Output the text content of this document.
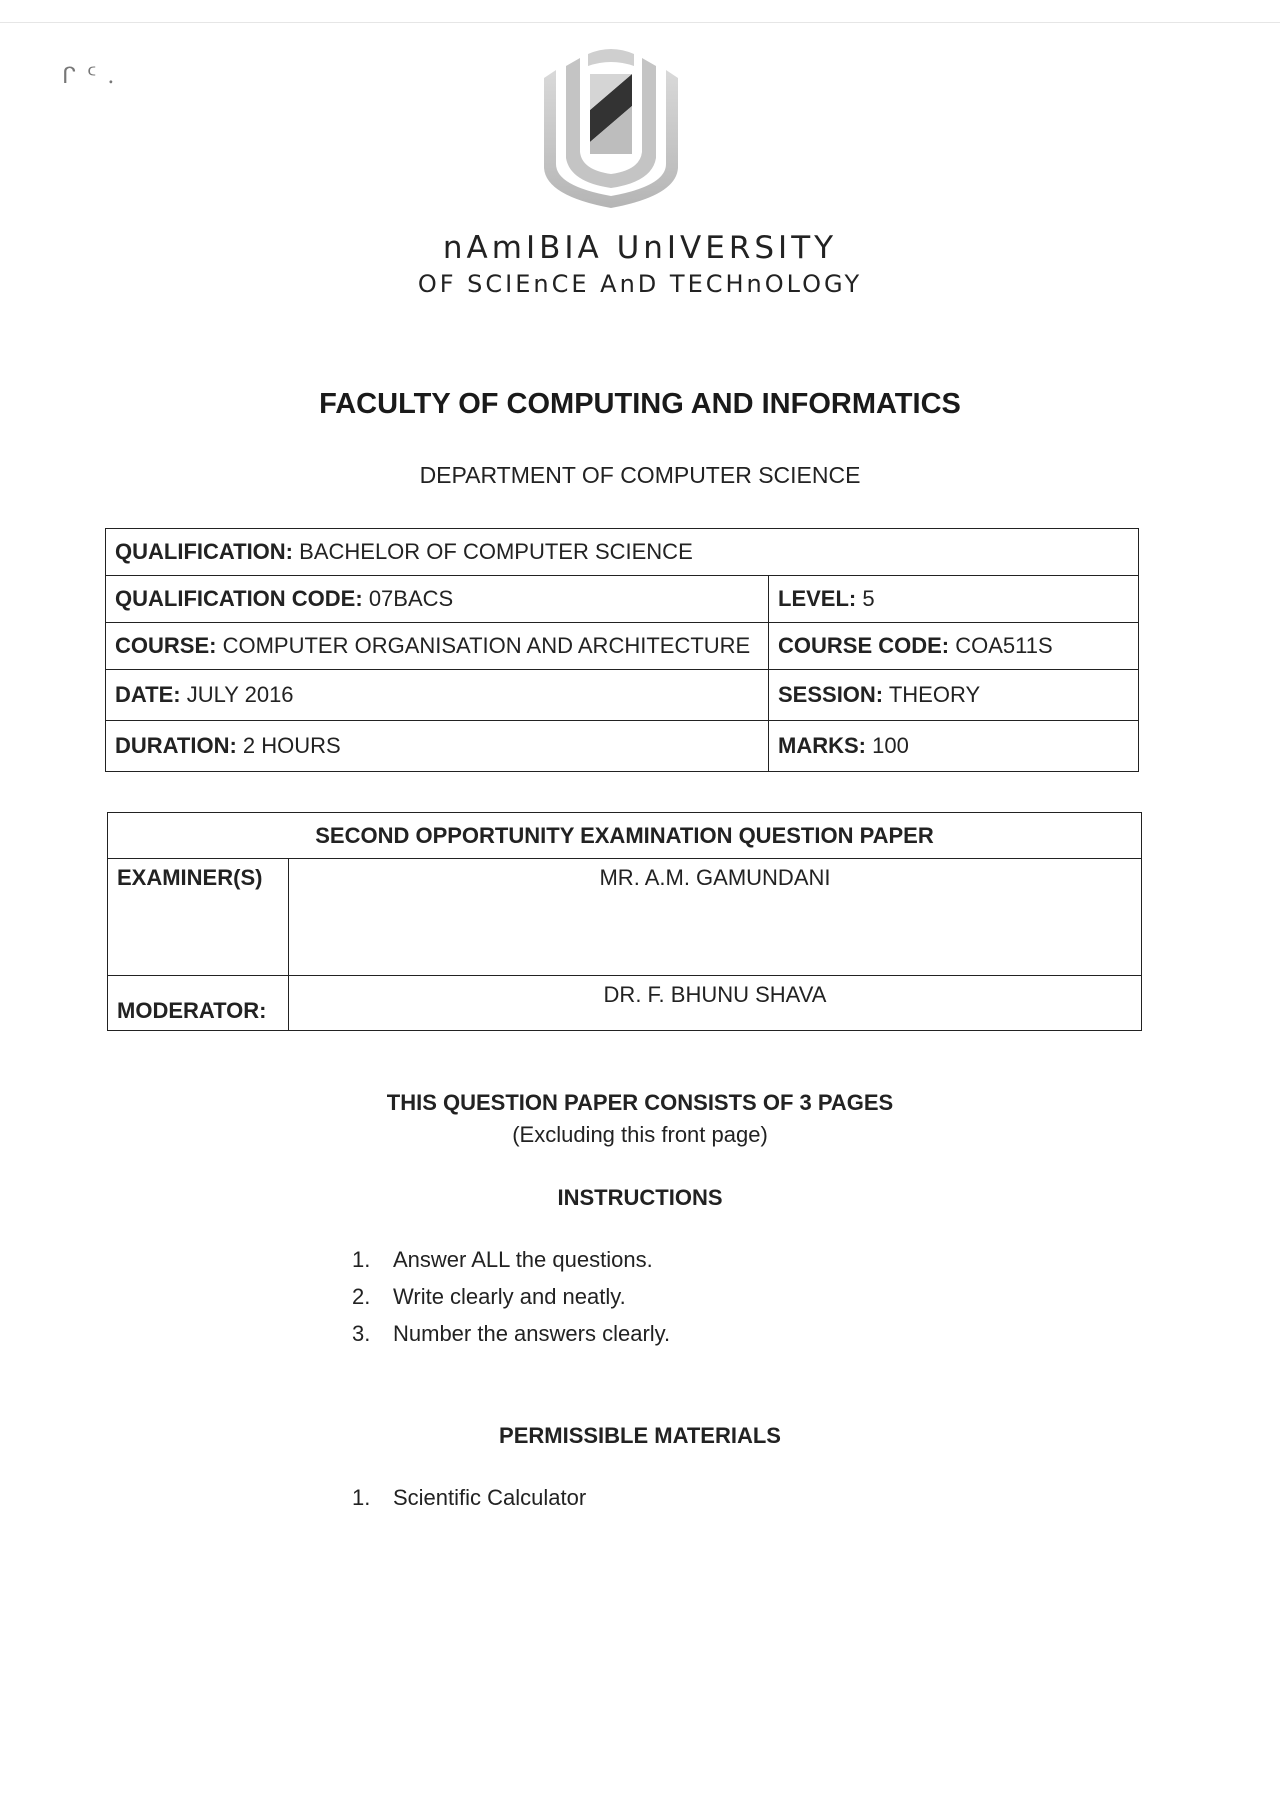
ᒋ ᑦ .
nAmIBIA UnIVERSITY
OF SCIEnCE AnD TECHnOLOGY
FACULTY OF COMPUTING AND INFORMATICS
DEPARTMENT OF COMPUTER SCIENCE
QUALIFICATION: BACHELOR OF COMPUTER SCIENCE	
QUALIFICATION CODE: 07BACS	LEVEL: 5
COURSE: COMPUTER ORGANISATION AND ARCHITECTURE	COURSE CODE: COA511S
DATE: JULY 2016	SESSION: THEORY
DURATION: 2 HOURS	MARKS: 100
SECOND OPPORTUNITY EXAMINATION QUESTION PAPER	
EXAMINER(S)	MR. A.M. GAMUNDANI
MODERATOR:	DR. F. BHUNU SHAVA
THIS QUESTION PAPER CONSISTS OF 3 PAGES
(Excluding this front page)
INSTRUCTIONS
1.	Answer ALL the questions.
2.	Write clearly and neatly.
3.	Number the answers clearly.
PERMISSIBLE MATERIALS
1.	Scientific Calculator
